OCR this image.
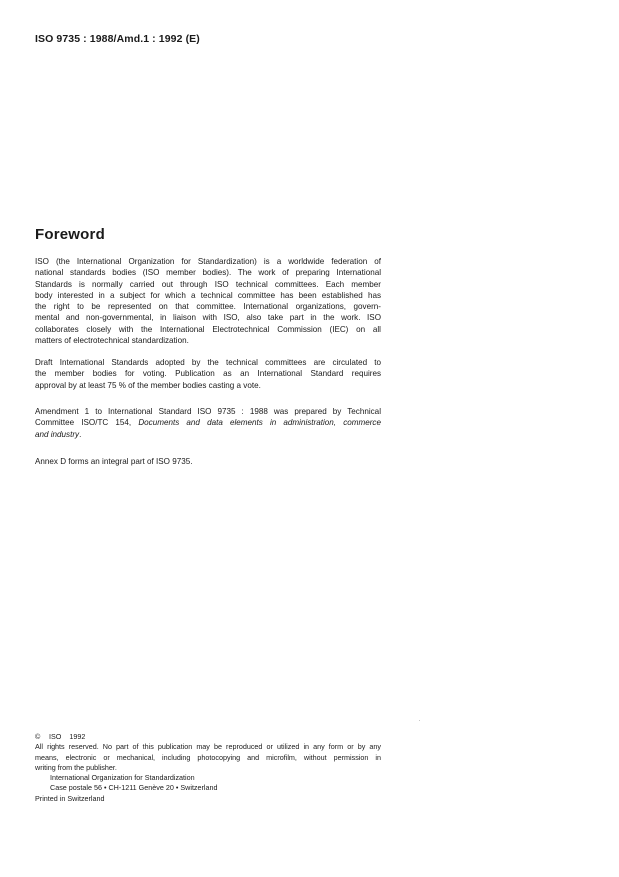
ISO 9735 : 1988/Amd.1 : 1992 (E)
Foreword
ISO (the International Organization for Standardization) is a worldwide federation of
national standards bodies (ISO member bodies). The work of preparing International
Standards is normally carried out through ISO technical committees. Each member
body interested in a subject for which a technical committee has been established has
the right to be represented on that committee. International organizations, govern-
mental and non-governmental, in liaison with ISO, also take part in the work. ISO
collaborates closely with the International Electrotechnical Commission (IEC) on all
matters of electrotechnical standardization.
Draft International Standards adopted by the technical committees are circulated to
the member bodies for voting. Publication as an International Standard requires
approval by at least 75 % of the member bodies casting a vote.
Amendment 1 to International Standard ISO 9735 : 1988 was prepared by Technical
Committee ISO/TC 154, Documents and data elements in administration, commerce
and industry.
Annex D forms an integral part of ISO 9735.
© ISO 1992
All rights reserved. No part of this publication may be reproduced or utilized in any form or by any
means, electronic or mechanical, including photocopying and microfilm, without permission in
writing from the publisher.
International Organization for Standardization
Case postale 56 • CH-1211 Genève 20 • Switzerland
Printed in Switzerland
